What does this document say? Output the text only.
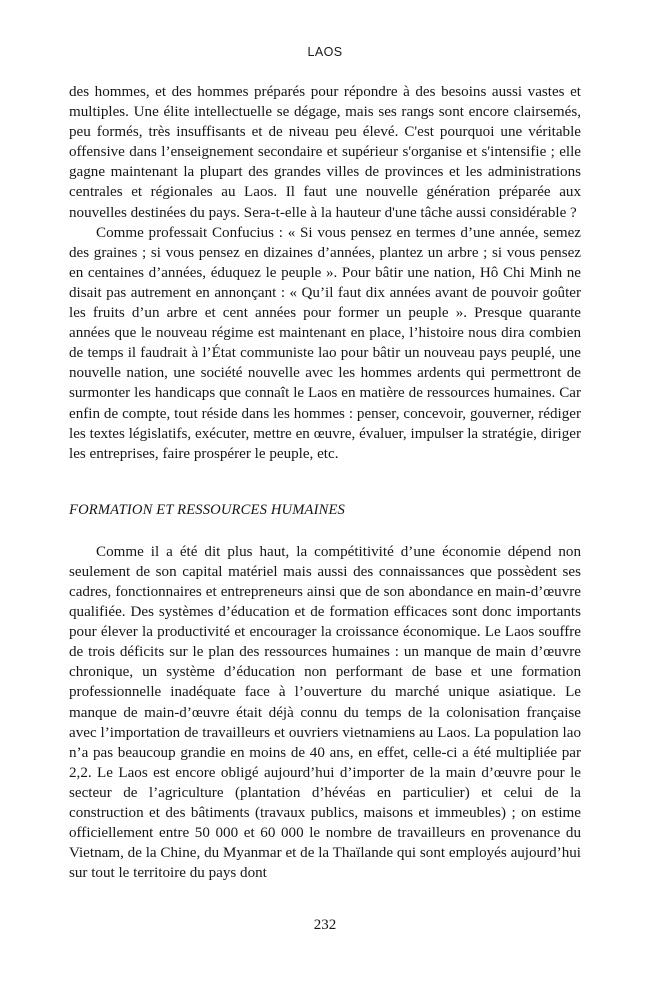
LAOS

des hommes, et des hommes préparés pour répondre à des besoins aussi vastes et multiples. Une élite intellectuelle se dégage, mais ses rangs sont encore clairsemés, peu formés, très insuffisants et de niveau peu élevé. C'est pourquoi une véritable offensive dans l’enseignement secondaire et supérieur s'organise et s'intensifie ; elle gagne maintenant la plupart des grandes villes de provinces et les administrations centrales et régionales au Laos. Il faut une nouvelle génération préparée aux nouvelles destinées du pays. Sera-t-elle à la hauteur d'une tâche aussi considérable ?

Comme professait Confucius : « Si vous pensez en termes d’une année, semez des graines ; si vous pensez en dizaines d’années, plantez un arbre ; si vous pensez en centaines d’années, éduquez le peuple ». Pour bâtir une nation, Hô Chi Minh ne disait pas autrement en annonçant : « Qu’il faut dix années avant de pouvoir goûter les fruits d’un arbre et cent années pour former un peuple ». Presque quarante années que le nouveau régime est maintenant en place, l’histoire nous dira combien de temps il faudrait à l’État communiste lao pour bâtir un nouveau pays peuplé, une nouvelle nation, une société nouvelle avec les hommes ardents qui permettront de surmonter les handicaps que connaît le Laos en matière de ressources humaines. Car enfin de compte, tout réside dans les hommes : penser, concevoir, gouverner, rédiger les textes législatifs, exécuter, mettre en œuvre, évaluer, impulser la stratégie, diriger les entreprises, faire prospérer le peuple, etc.

FORMATION ET RESSOURCES HUMAINES

Comme il a été dit plus haut, la compétitivité d’une économie dépend non seulement de son capital matériel mais aussi des connaissances que possèdent ses cadres, fonctionnaires et entrepreneurs ainsi que de son abondance en main-d’œuvre qualifiée. Des systèmes d’éducation et de formation efficaces sont donc importants pour élever la productivité et encourager la croissance économique. Le Laos souffre de trois déficits sur le plan des ressources humaines : un manque de main d’œuvre chronique, un système d’éducation non performant de base et une formation professionnelle inadéquate face à l’ouverture du marché unique asiatique. Le manque de main-d’œuvre était déjà connu du temps de la colonisation française avec l’importation de travailleurs et ouvriers vietnamiens au Laos. La population lao n’a pas beaucoup grandie en moins de 40 ans, en effet, celle-ci a été multipliée par 2,2. Le Laos est encore obligé aujourd’hui d’importer de la main d’œuvre pour le secteur de l’agriculture (plantation d’hévéas en particulier) et celui de la construction et des bâtiments (travaux publics, maisons et immeubles) ; on estime officiellement entre 50 000 et 60 000 le nombre de travailleurs en provenance du Vietnam, de la Chine, du Myanmar et de la Thaïlande qui sont employés aujourd’hui sur tout le territoire du pays dont

232
